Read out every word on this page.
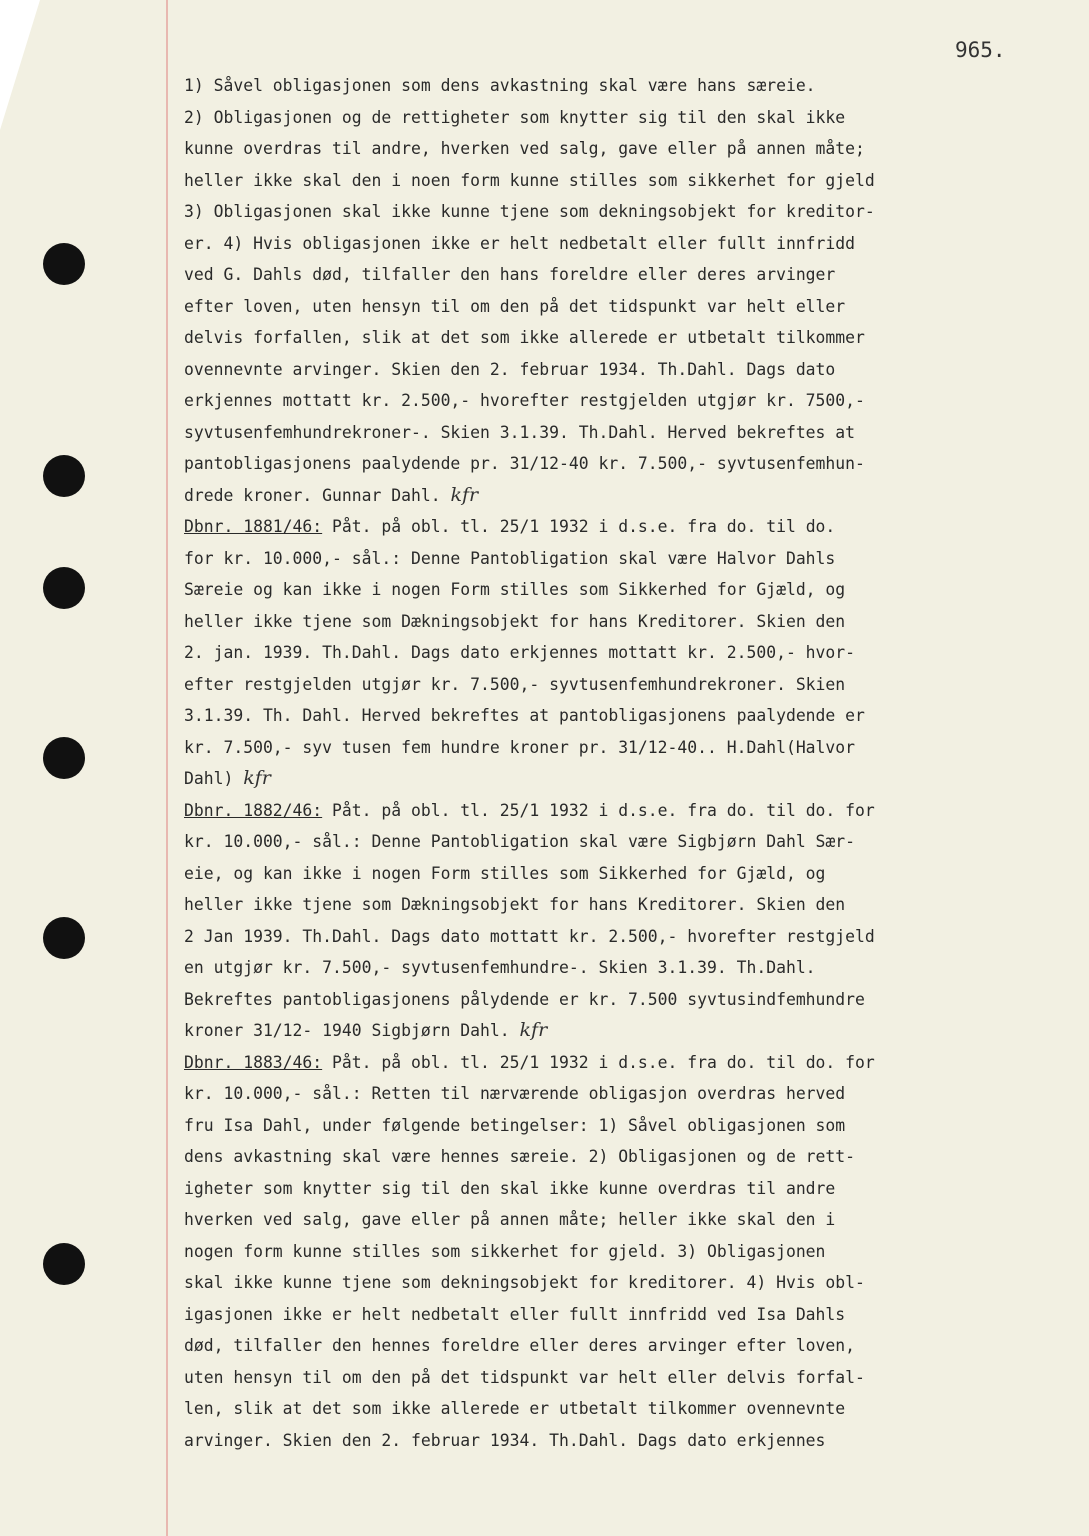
965.
1) Såvel obligasjonen som dens avkastning skal være hans særeie.
2) Obligasjonen og de rettigheter som knytter sig til den skal ikke
kunne overdras til andre, hverken ved salg, gave eller på annen måte;
heller ikke skal den i noen form kunne stilles som sikkerhet for gjeld
3) Obligasjonen skal ikke kunne tjene som dekningsobjekt for kreditor-
er. 4) Hvis obligasjonen ikke er helt nedbetalt eller fullt innfridd
ved G. Dahls død, tilfaller den hans foreldre eller deres arvinger
efter loven, uten hensyn til om den på det tidspunkt var helt eller
delvis forfallen, slik at det som ikke allerede er utbetalt tilkommer
ovennevnte arvinger. Skien den 2. februar 1934. Th.Dahl. Dags dato
erkjennes mottatt kr. 2.500,- hvorefter restgjelden utgjør kr. 7500,-
syvtusenfemhundrekroner-. Skien 3.1.39. Th.Dahl. Herved bekreftes at
pantobligasjonens paalydende pr. 31/12-40 kr. 7.500,- syvtusenfemhun-
drede kroner. Gunnar Dahl. kfr
Dbnr. 1881/46: Påt. på obl. tl. 25/1 1932 i d.s.e. fra do. til do.
for kr. 10.000,- sål.: Denne Pantobligation skal være Halvor Dahls
Særeie og kan ikke i nogen Form stilles som Sikkerhed for Gjæld, og
heller ikke tjene som Dækningsobjekt for hans Kreditorer. Skien den
2. jan. 1939. Th.Dahl. Dags dato erkjennes mottatt kr. 2.500,- hvor-
efter restgjelden utgjør kr. 7.500,- syvtusenfemhundrekroner. Skien
3.1.39. Th. Dahl. Herved bekreftes at pantobligasjonens paalydende er
kr. 7.500,- syv tusen fem hundre kroner pr. 31/12-40.. H.Dahl(Halvor
Dahl) kfr
Dbnr. 1882/46: Påt. på obl. tl. 25/1 1932 i d.s.e. fra do. til do. for
kr. 10.000,- sål.: Denne Pantobligation skal være Sigbjørn Dahl Sær-
eie, og kan ikke i nogen Form stilles som Sikkerhed for Gjæld, og
heller ikke tjene som Dækningsobjekt for hans Kreditorer. Skien den
2 Jan 1939. Th.Dahl. Dags dato mottatt kr. 2.500,- hvorefter restgjeld
en utgjør kr. 7.500,- syvtusenfemhundre-. Skien 3.1.39. Th.Dahl.
Bekreftes pantobligasjonens pålydende er kr. 7.500 syvtusindfemhundre
kroner 31/12- 1940 Sigbjørn Dahl. kfr
Dbnr. 1883/46: Påt. på obl. tl. 25/1 1932 i d.s.e. fra do. til do. for
kr. 10.000,- sål.: Retten til nærværende obligasjon overdras herved
fru Isa Dahl, under følgende betingelser: 1) Såvel obligasjonen som
dens avkastning skal være hennes særeie. 2) Obligasjonen og de rett-
igheter som knytter sig til den skal ikke kunne overdras til andre
hverken ved salg, gave eller på annen måte; heller ikke skal den i
nogen form kunne stilles som sikkerhet for gjeld. 3) Obligasjonen
skal ikke kunne tjene som dekningsobjekt for kreditorer. 4) Hvis obl-
igasjonen ikke er helt nedbetalt eller fullt innfridd ved Isa Dahls
død, tilfaller den hennes foreldre eller deres arvinger efter loven,
uten hensyn til om den på det tidspunkt var helt eller delvis forfal-
len, slik at det som ikke allerede er utbetalt tilkommer ovennevnte
arvinger. Skien den 2. februar 1934. Th.Dahl. Dags dato erkjennes
